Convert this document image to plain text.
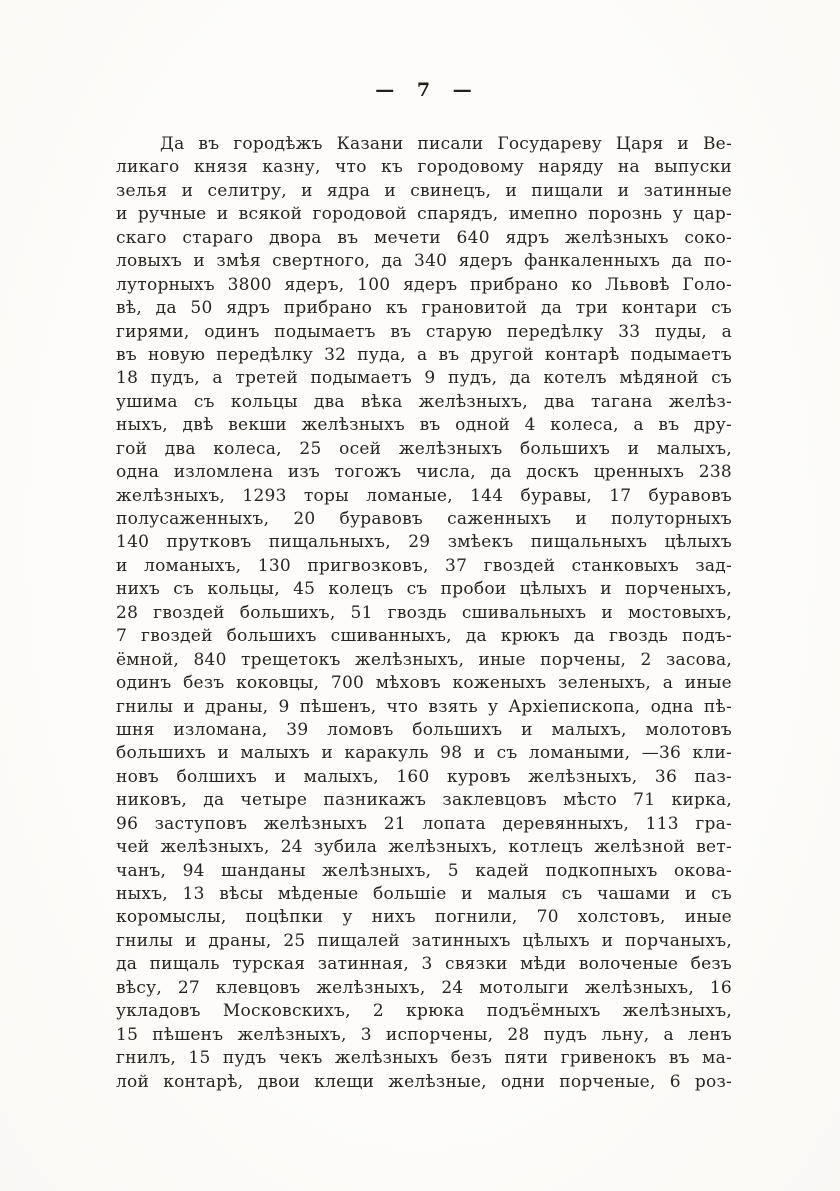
— 7 —
Да въ городѣжъ Казани писали Государеву Царя и Ве-
ликаго князя казну, что къ городовому наряду на выпуски
зелья и селитру, и ядра и свинецъ, и пищали и затинные
и ручные и всякой городовой спарядъ, имепно порознь у цар-
скаго стараго двора въ мечети 640 ядръ желѣзныхъ соко-
ловыхъ и змѣя свертного, да 340 ядеръ фанкаленныхъ да по-
луторныхъ 3800 ядеръ, 100 ядеръ прибрано ко Львовѣ Голо-
вѣ, да 50 ядръ прибрано къ грановитой да три контари съ
гирями, одинъ подымаетъ въ старую передѣлку 33 пуды, а
въ новую передѣлку 32 пуда, а въ другой контарѣ подымаетъ
18 пудъ, а третей подымаетъ 9 пудъ, да котелъ мѣдяной съ
ушима съ кольцы два вѣка желѣзныхъ, два тагана желѣз-
ныхъ, двѣ векши желѣзныхъ въ одной 4 колеса, а въ дру-
гой два колеса, 25 осей желѣзныхъ большихъ и малыхъ,
одна изломлена изъ тогожъ числа, да доскъ цренныхъ 238
желѣзныхъ, 1293 торы ломаные, 144 буравы, 17 буравовъ
полусаженныхъ, 20 буравовъ саженныхъ и полуторныхъ
140 прутковъ пищальныхъ, 29 змѣекъ пищальныхъ цѣлыхъ
и ломаныхъ, 130 пригвозковъ, 37 гвоздей станковыхъ зад-
нихъ съ кольцы, 45 колецъ съ пробои цѣлыхъ и порченыхъ,
28 гвоздей большихъ, 51 гвоздь сшивальныхъ и мостовыхъ,
7 гвоздей большихъ сшиванныхъ, да крюкъ да гвоздь подъ-
ёмной, 840 трещетокъ желѣзныхъ, иные порчены, 2 засова,
одинъ безъ коковцы, 700 мѣховъ коженыхъ зеленыхъ, а иные
гнилы и драны, 9 пѣшенъ, что взять у Архіепископа, одна пѣ-
шня изломана, 39 ломовъ большихъ и малыхъ, молотовъ
большихъ и малыхъ и каракуль 98 и съ ломаными, —36 кли-
новъ болшихъ и малыхъ, 160 куровъ желѣзныхъ, 36 паз-
никовъ, да четыре пазникажъ заклевцовъ мѣсто 71 кирка,
96 заступовъ желѣзныхъ 21 лопата деревянныхъ, 113 гра-
чей желѣзныхъ, 24 зубила желѣзныхъ, котлецъ желѣзной вет-
чанъ, 94 шанданы желѣзныхъ, 5 кадей подкопныхъ окова-
ныхъ, 13 вѣсы мѣденые большіе и малыя съ чашами и съ
коромыслы, поцѣпки у нихъ погнили, 70 холстовъ, иные
гнилы и драны, 25 пищалей затинныхъ цѣлыхъ и порчаныхъ,
да пищаль турская затинная, 3 связки мѣди волоченые безъ
вѣсу, 27 клевцовъ желѣзныхъ, 24 мотолыги желѣзныхъ, 16
укладовъ Московскихъ, 2 крюка подъёмныхъ желѣзныхъ,
15 пѣшенъ желѣзныхъ, 3 испорчены, 28 пудъ льну, а ленъ
гнилъ, 15 пудъ чекъ желѣзныхъ безъ пяти гривенокъ въ ма-
лой контарѣ, двои клещи желѣзные, одни порченые, 6 роз-
